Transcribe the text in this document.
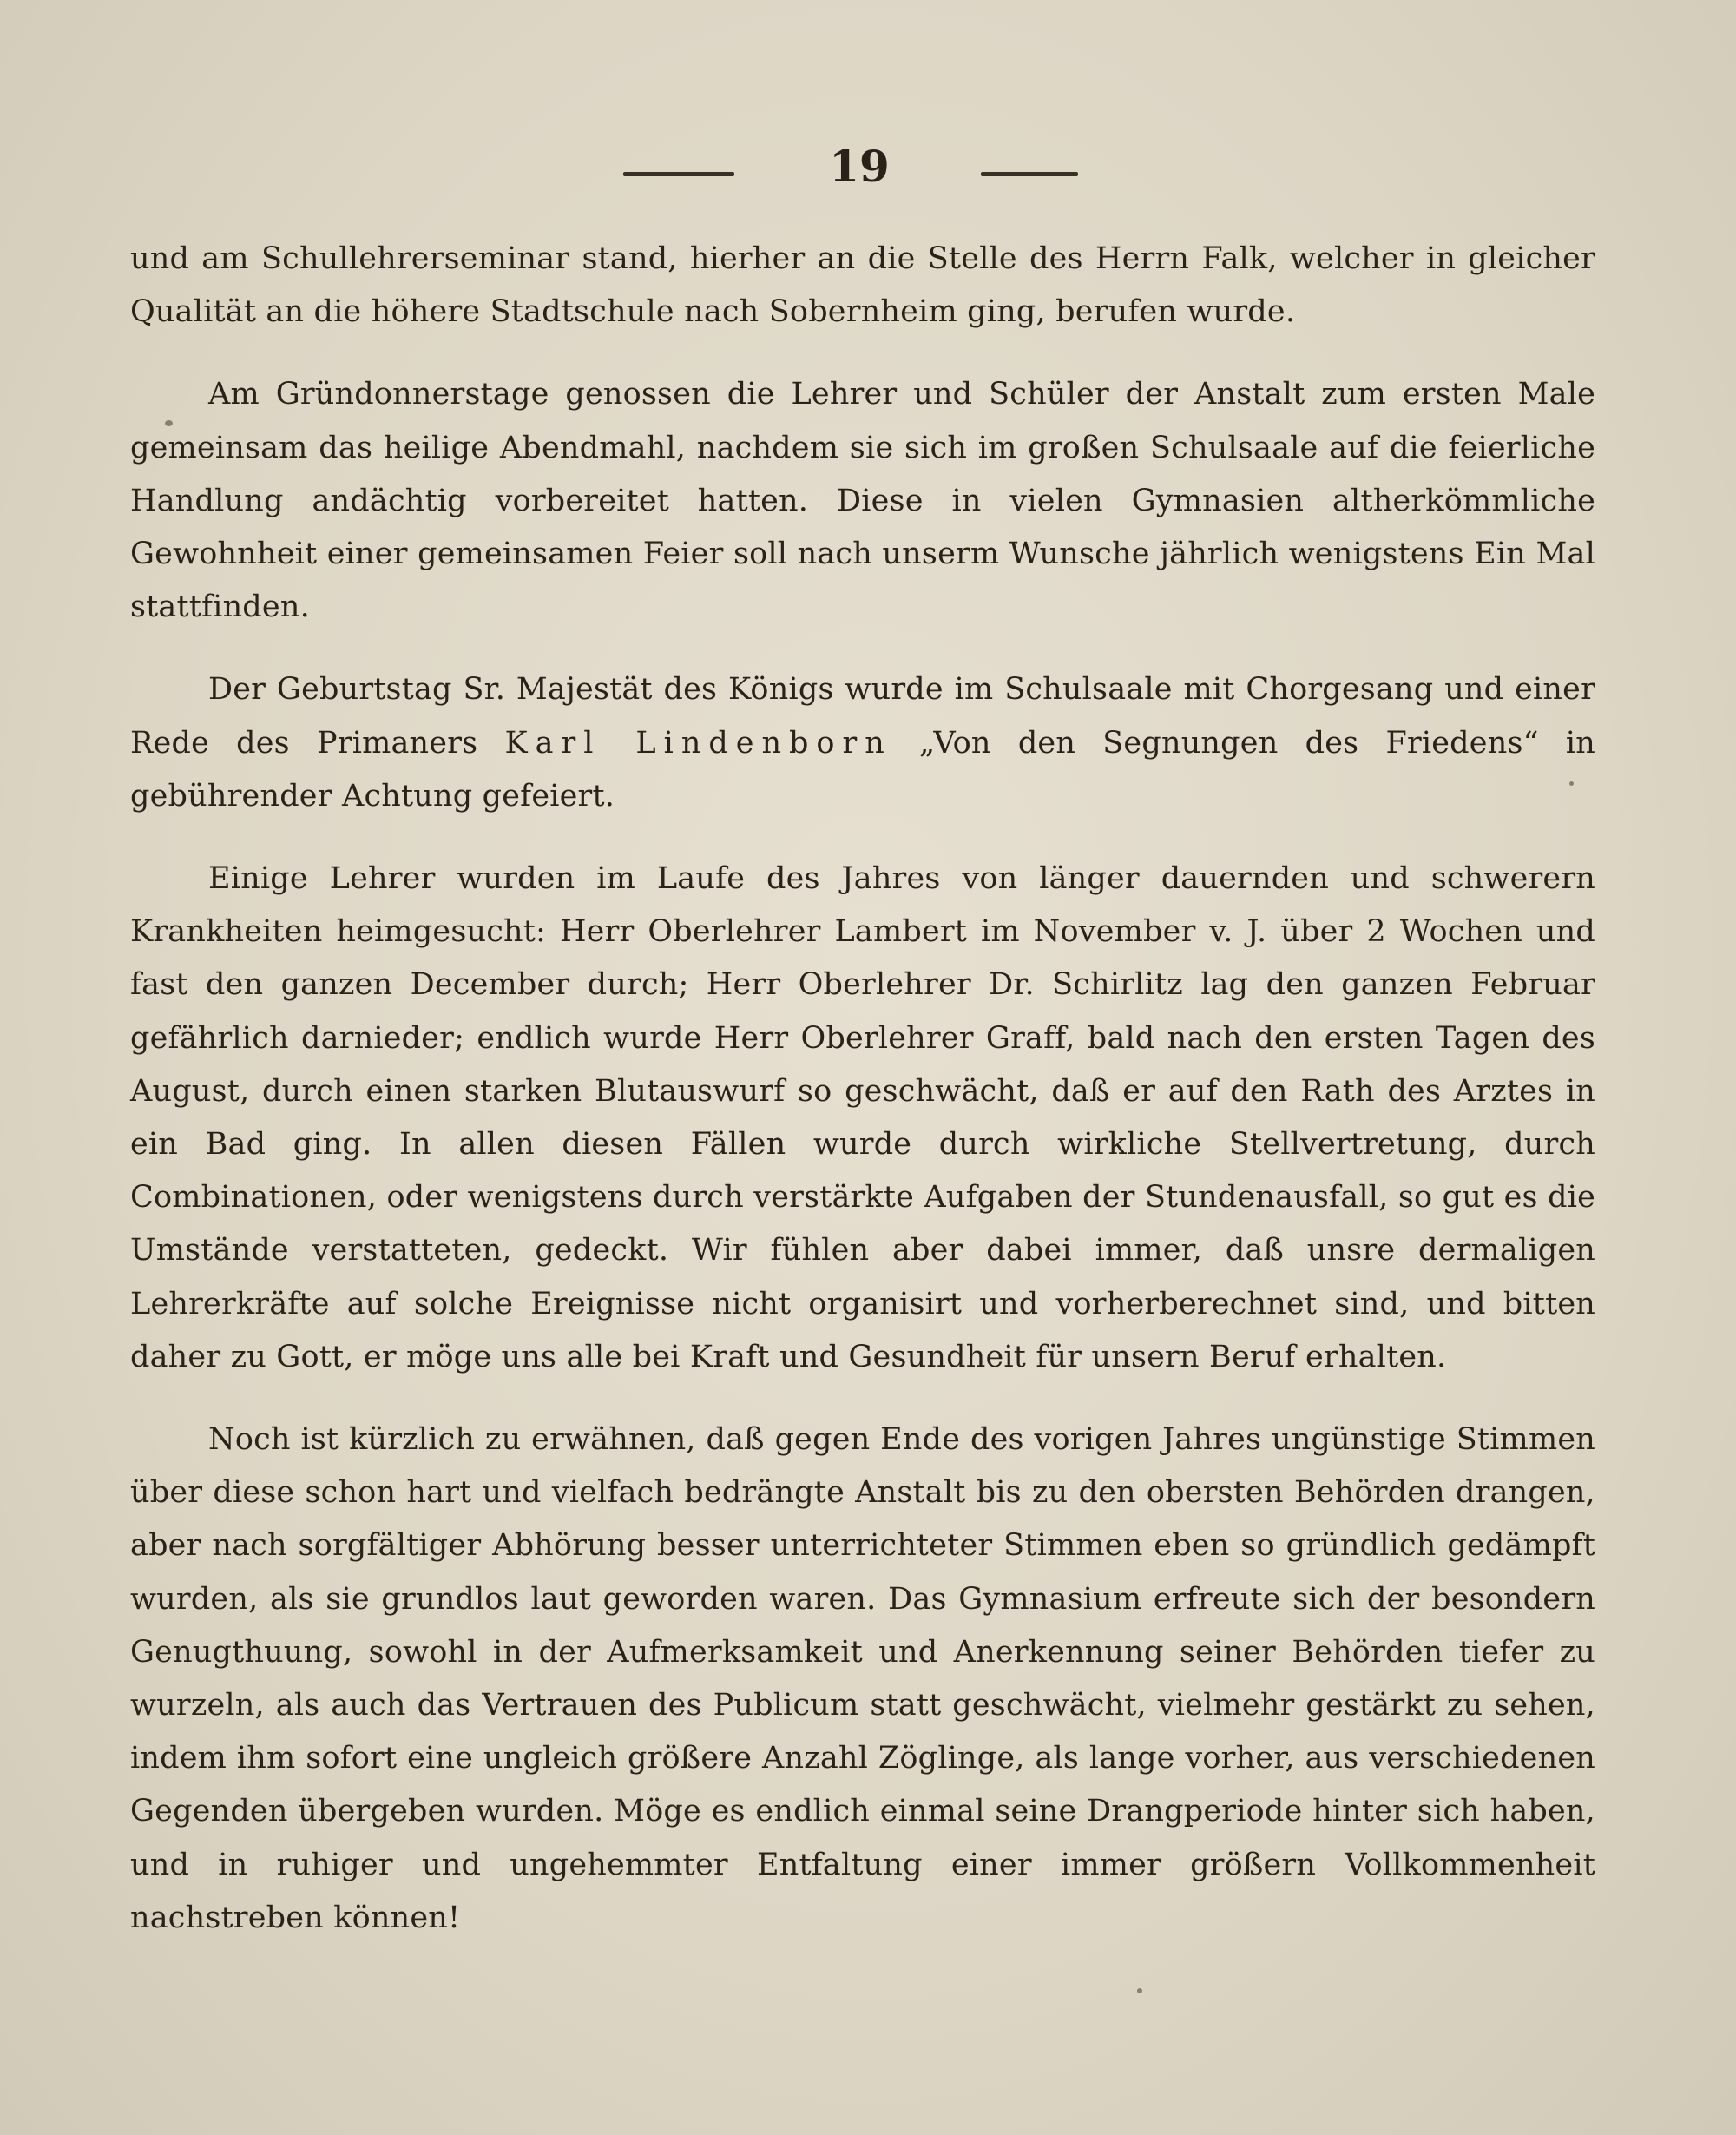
19

und am Schullehrerseminar stand, hierher an die Stelle des Herrn Falk, welcher in gleicher Qualität an die höhere Stadtschule nach Sobernheim ging, berufen wurde.

Am Gründonnerstage genossen die Lehrer und Schüler der Anstalt zum ersten Male gemeinsam das heilige Abendmahl, nachdem sie sich im großen Schulsaale auf die feierliche Handlung andächtig vorbereitet hatten. Diese in vielen Gymnasien altherkömmliche Gewohnheit einer gemeinsamen Feier soll nach unserm Wunsche jährlich wenigstens Ein Mal stattfinden.

Der Geburtstag Sr. Majestät des Königs wurde im Schulsaale mit Chorgesang und einer Rede des Primaners Karl Lindenborn „Von den Segnungen des Friedens“ in gebührender Achtung gefeiert.

Einige Lehrer wurden im Laufe des Jahres von länger dauernden und schwerern Krankheiten heimgesucht: Herr Oberlehrer Lambert im November v. J. über 2 Wochen und fast den ganzen December durch; Herr Oberlehrer Dr. Schirlitz lag den ganzen Februar gefährlich darnieder; endlich wurde Herr Oberlehrer Graff, bald nach den ersten Tagen des August, durch einen starken Blutauswurf so geschwächt, daß er auf den Rath des Arztes in ein Bad ging. In allen diesen Fällen wurde durch wirkliche Stellvertretung, durch Combinationen, oder wenigstens durch verstärkte Aufgaben der Stundenausfall, so gut es die Umstände verstatteten, gedeckt. Wir fühlen aber dabei immer, daß unsre dermaligen Lehrerkräfte auf solche Ereignisse nicht organisirt und vorherberechnet sind, und bitten daher zu Gott, er möge uns alle bei Kraft und Gesundheit für unsern Beruf erhalten.

Noch ist kürzlich zu erwähnen, daß gegen Ende des vorigen Jahres ungünstige Stimmen über diese schon hart und vielfach bedrängte Anstalt bis zu den obersten Behörden drangen, aber nach sorgfältiger Abhörung besser unterrichteter Stimmen eben so gründlich gedämpft wurden, als sie grundlos laut geworden waren. Das Gymnasium erfreute sich der besondern Genugthuung, sowohl in der Aufmerksamkeit und Anerkennung seiner Behörden tiefer zu wurzeln, als auch das Vertrauen des Publicum statt geschwächt, vielmehr gestärkt zu sehen, indem ihm sofort eine ungleich größere Anzahl Zöglinge, als lange vorher, aus verschiedenen Gegenden übergeben wurden. Möge es endlich einmal seine Drangperiode hinter sich haben, und in ruhiger und ungehemmter Entfaltung einer immer größern Vollkommenheit nachstreben können!
